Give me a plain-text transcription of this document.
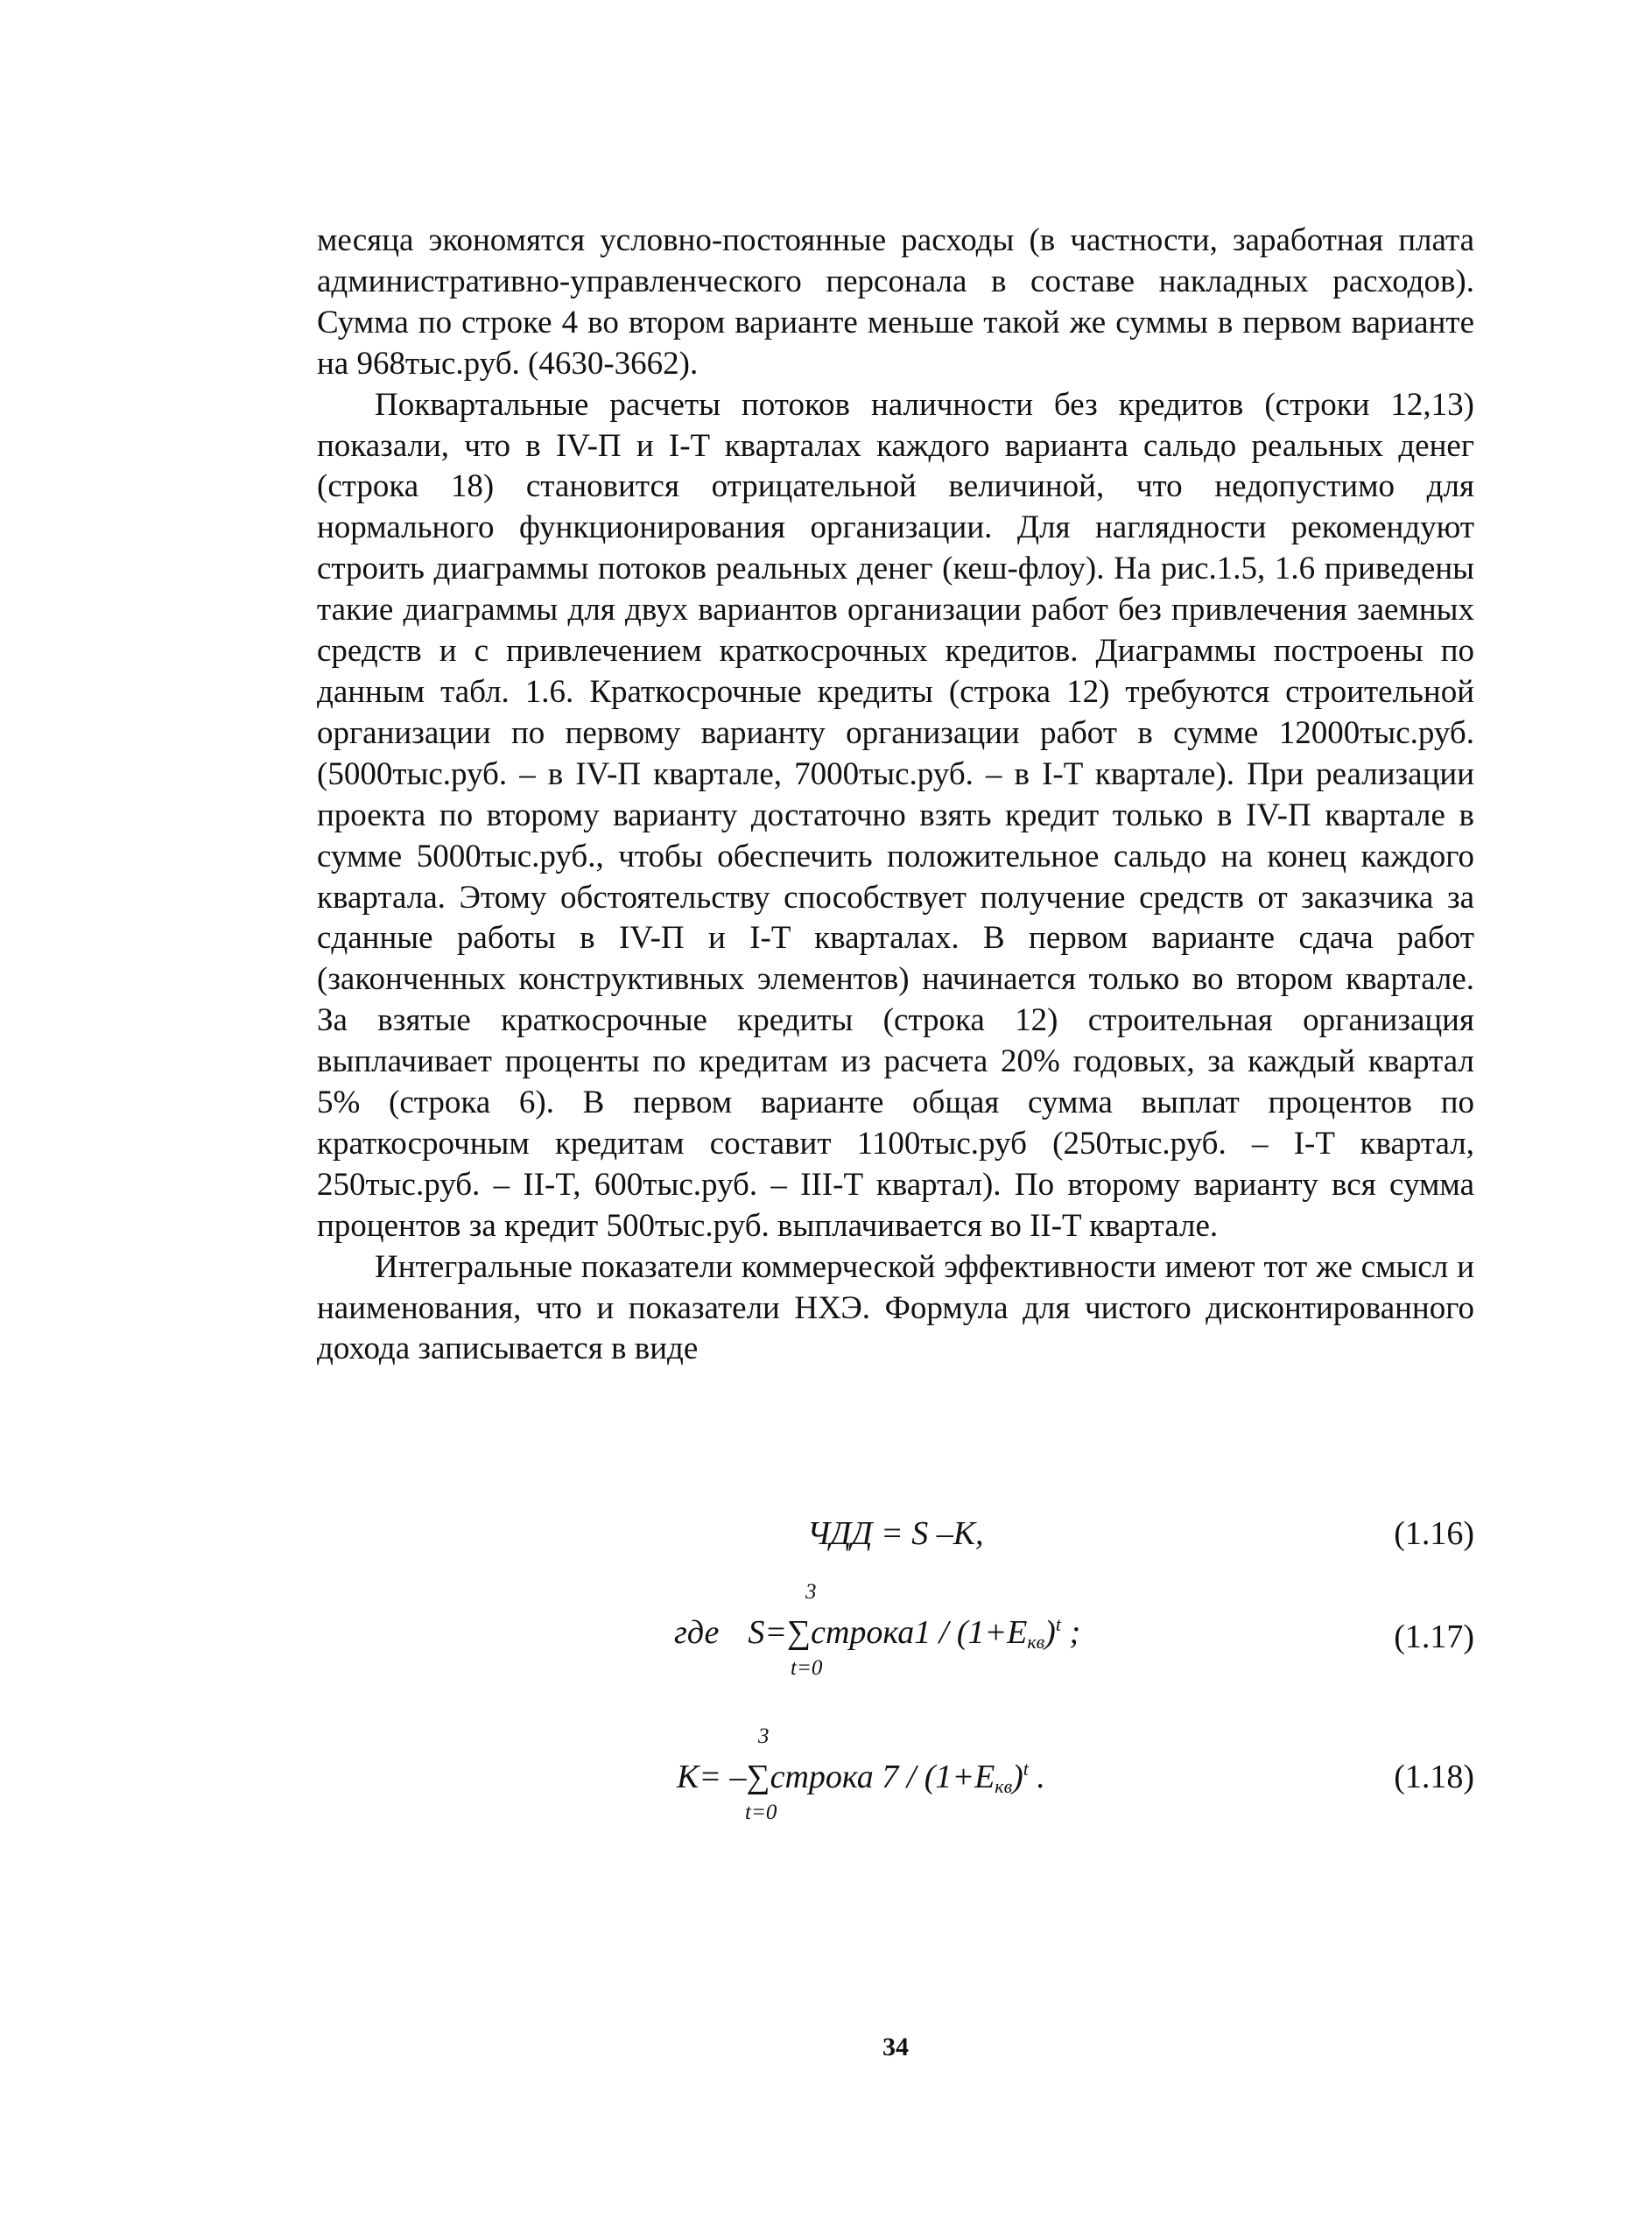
месяца экономятся условно-постоянные расходы (в частности, заработная плата административно-управленческого персонала в составе накладных расходов). Сумма по строке 4 во втором варианте меньше такой же суммы в первом варианте на 968тыс.руб. (4630-3662).

Поквартальные расчеты потоков наличности без кредитов (строки 12,13) показали, что в IV-П и I-T кварталах каждого варианта сальдо реальных денег (строка 18) становится отрицательной величиной, что недопустимо для нормального функционирования организации. Для наглядности рекомендуют строить диаграммы потоков реальных денег (кеш-флоу). На рис.1.5, 1.6 приведены такие диаграммы для двух вариантов организации работ без привлечения заемных средств и с привлечением краткосрочных кредитов. Диаграммы построены по данным табл. 1.6. Краткосрочные кредиты (строка 12) требуются строительной организации по первому варианту организации работ в сумме 12000тыс.руб.(5000тыс.руб. – в IV-П квартале, 7000тыс.руб. – в I-T квартале). При реализации проекта по второму варианту достаточно взять кредит только в IV-П квартале в сумме 5000тыс.руб., чтобы обеспечить положительное сальдо на конец каждого квартала. Этому обстоятельству способствует получение средств от заказчика за сданные работы в IV-П и I-T кварталах. В первом варианте сдача работ (законченных конструктивных элементов) начинается только во втором квартале. За взятые краткосрочные кредиты (строка 12) строительная организация выплачивает проценты по кредитам из расчета 20% годовых, за каждый квартал 5% (строка 6). В первом варианте общая сумма выплат процентов по краткосрочным кредитам составит 1100тыс.руб (250тыс.руб. – I-T квартал, 250тыс.руб. – II-T, 600тыс.руб. – III-T квартал). По второму варианту вся сумма процентов за кредит 500тыс.руб. выплачивается во II-T квартале.

Интегральные показатели коммерческой эффективности имеют тот же смысл и наименования, что и показатели НХЭ. Формула для чистого дисконтированного дохода записывается в виде

ЧДД = S –K,	(1.16)
3
где S=∑строка1 / $(1+E_{кв})^t$ ;
t=0
(1.17)
3
K= –∑строка $7 / (1+E_{кв})^t$ .
t=0
(1.18)
34
